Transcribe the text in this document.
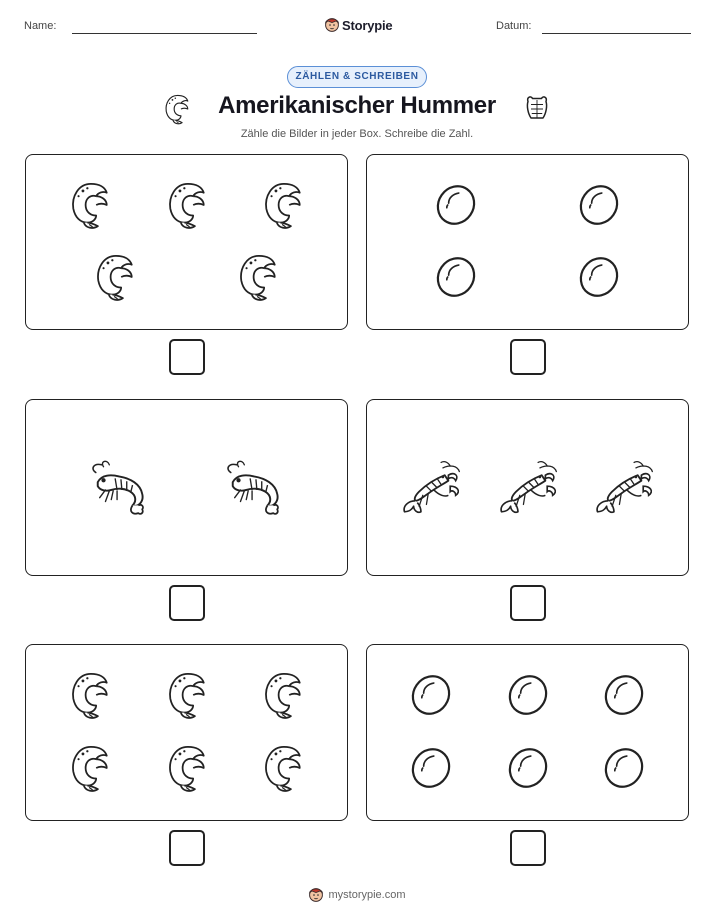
Name:	Storypie	Datum:
ZÄHLEN & SCHREIBEN
Amerikanischer Hummer
Zähle die Bilder in jeder Box. Schreibe die Zahl.
mystorypie.com
